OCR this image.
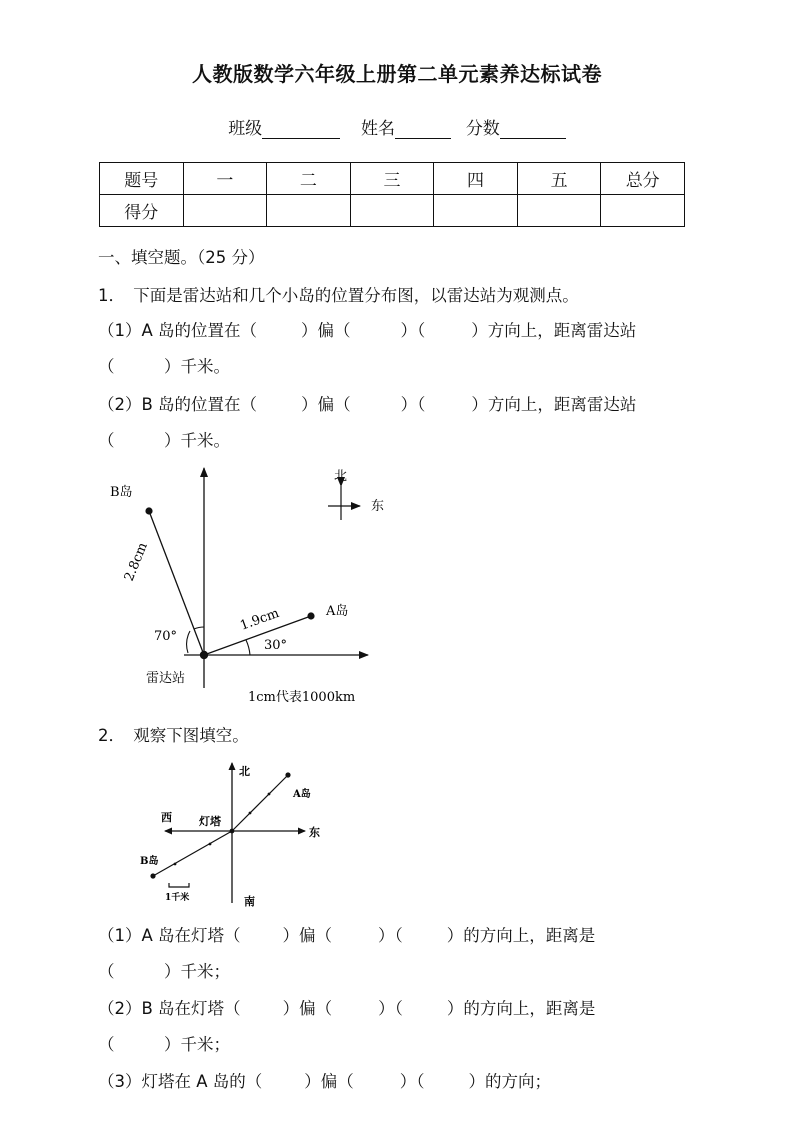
人教版数学六年级上册第二单元素养达标试卷
班级	姓名	分数
题号	一	二	三	四	五	总分
得分						
一、填空题。（25 分）
1．　下面是雷达站和几个小岛的位置分布图，以雷达站为观测点。
（1）A 岛的位置在（	）偏（	）（	）方向上，距离雷达站
（　　　）千米。
（2）B 岛的位置在（	）偏（	）（	）方向上，距离雷达站
（　　　）千米。
B岛
A岛
2.8cm
1.9cm
70°
30°
雷达站
1cm代表1000km
北
东
2．　观察下图填空。
北
南
西
东
灯塔
A岛
B岛
1千米
（1）A 岛在灯塔（	）偏（	）（	）的方向上，距离是
（　　　）千米；
（2）B 岛在灯塔（	）偏（	）（	）的方向上，距离是
（　　　）千米；
（3）灯塔在 A 岛的（	）偏（	）（	）的方向；
